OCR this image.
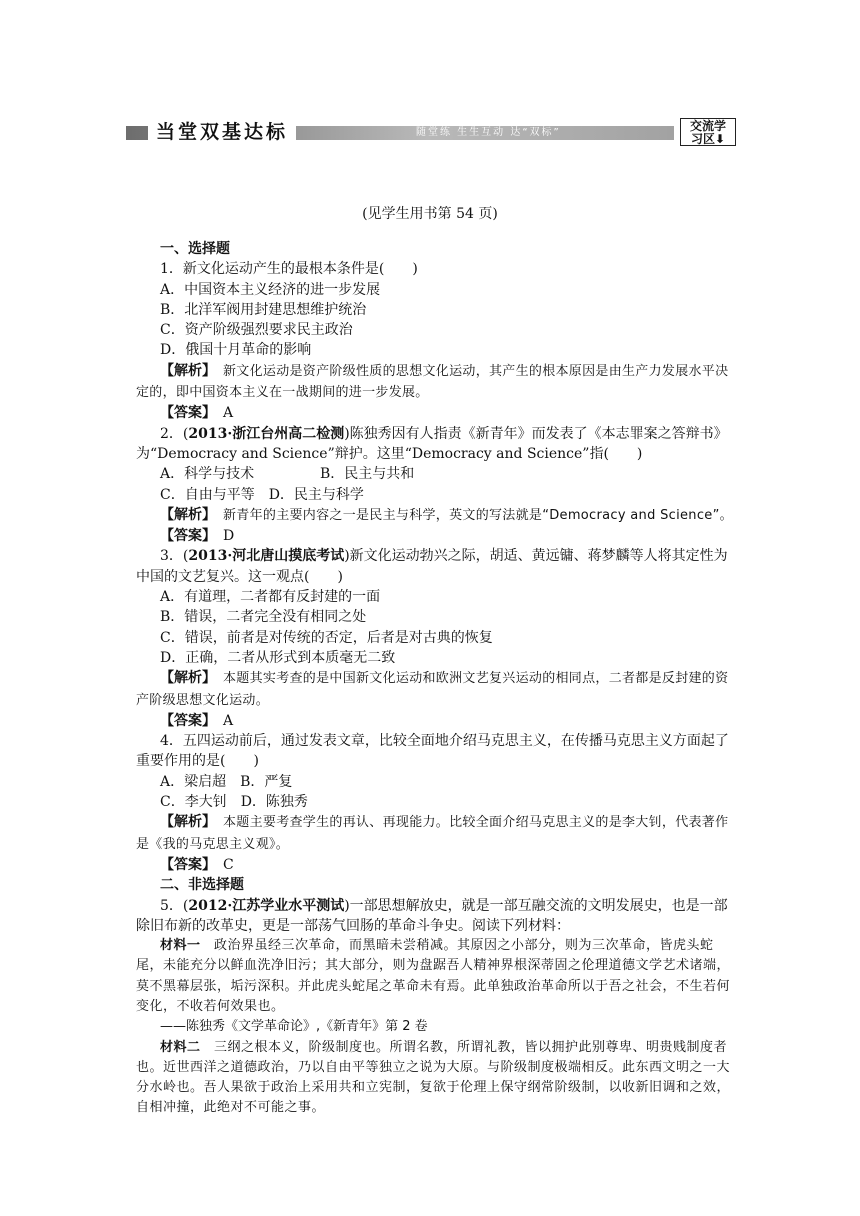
当堂双基达标	随堂练 生生互动 达“双标”	交流学
习区⬇
(见学生用书第 54 页)

一、选择题

1．新文化运动产生的最根本条件是(　　)

A．中国资本主义经济的进一步发展

B．北洋军阀用封建思想维护统治

C．资产阶级强烈要求民主政治

D．俄国十月革命的影响

【解析】　 新文化运动是资产阶级性质的思想文化运动，其产生的根本原因是由生产力发展水平决定的，即中国资本主义在一战期间的进一步发展。

【答案】　 A

2．(2013·浙江台州高二检测)陈独秀因有人指责《新青年》而发表了《本志罪案之答辩书》为“Democracy and Science”辩护。这里“Democracy and Science”指(　　)

A．科学与技术	B．民主与共和

C．自由与平等　D．民主与科学

【解析】　 新青年的主要内容之一是民主与科学，英文的写法就是“Democracy and Science”。

【答案】　 D

3．(2013·河北唐山摸底考试)新文化运动勃兴之际，胡适、黄远镛、蒋梦麟等人将其定性为中国的文艺复兴。这一观点(　　)

A．有道理，二者都有反封建的一面

B．错误，二者完全没有相同之处

C．错误，前者是对传统的否定，后者是对古典的恢复

D．正确，二者从形式到本质毫无二致

【解析】　 本题其实考查的是中国新文化运动和欧洲文艺复兴运动的相同点，二者都是反封建的资产阶级思想文化运动。

【答案】　 A

4．五四运动前后，通过发表文章，比较全面地介绍马克思主义，在传播马克思主义方面起了重要作用的是(　　)

A．梁启超　B．严复

C．李大钊　D．陈独秀

【解析】　 本题主要考查学生的再认、再现能力。比较全面介绍马克思主义的是李大钊，代表著作是《我的马克思主义观》。

【答案】　 C

二、非选择题

5．(2012·江苏学业水平测试)一部思想解放史，就是一部互融交流的文明发展史，也是一部除旧布新的改革史，更是一部荡气回肠的革命斗争史。阅读下列材料：

材料一　政治界虽经三次革命，而黑暗未尝稍减。其原因之小部分，则为三次革命，皆虎头蛇尾，未能充分以鲜血洗净旧污；其大部分，则为盘踞吾人精神界根深蒂固之伦理道德文学艺术诸端，莫不黑幕层张，垢污深积。并此虎头蛇尾之革命未有焉。此单独政治革命所以于吾之社会，不生若何变化，不收若何效果也。

——陈独秀《文学革命论》,《新青年》第 2 卷

材料二　三纲之根本义，阶级制度也。所谓名教，所谓礼教，皆以拥护此别尊卑、明贵贱制度者也。近世西洋之道德政治，乃以自由平等独立之说为大原。与阶级制度极端相反。此东西文明之一大分水岭也。吾人果欲于政治上采用共和立宪制，复欲于伦理上保守纲常阶级制，以收新旧调和之效，自相冲撞，此绝对不可能之事。
